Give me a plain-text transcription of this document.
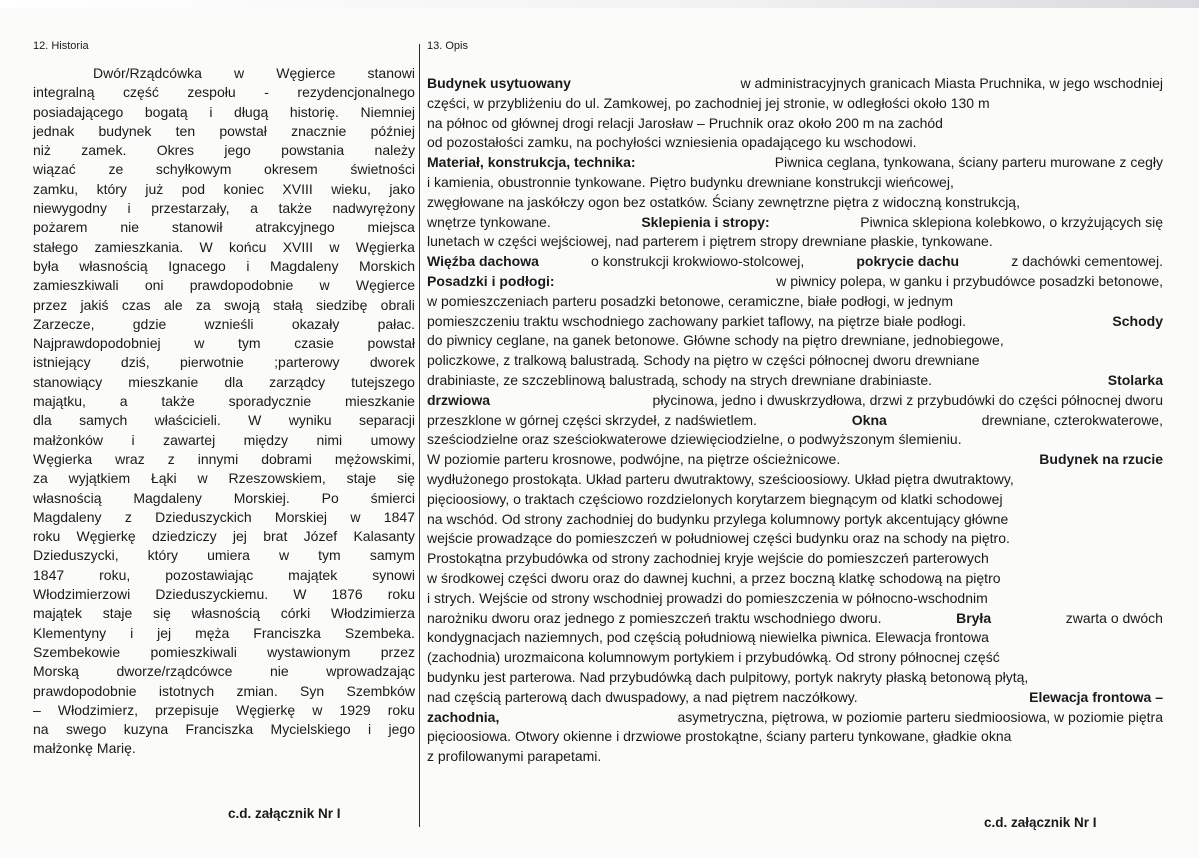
12. Historia	13. Opis
Dwór/Rządcówka w Węgierce stanowi
integralną część zespołu - rezydencjonalnego
posiadającego bogatą i długą historię. Niemniej
jednak budynek ten powstał znacznie później
niż zamek. Okres jego powstania należy
wiązać ze schyłkowym okresem świetności
zamku, który już pod koniec XVIII wieku, jako
niewygodny i przestarzały, a także nadwyrężony
pożarem nie stanowił atrakcyjnego miejsca
stałego zamieszkania. W końcu XVIII w Węgierka
była własnością Ignacego i Magdaleny Morskich
zamieszkiwali oni prawdopodobnie w Węgierce
przez jakiś czas ale za swoją stałą siedzibę obrali
Zarzecze,	gdzie	wznieśli	okazały	pałac.
Najprawdopodobniej w tym czasie powstał
istniejący dziś, pierwotnie ;parterowy dworek
stanowiący mieszkanie dla zarządcy tutejszego
majątku, a także sporadycznie mieszkanie
dla samych właścicieli. W wyniku separacji
małżonków i zawartej między nimi umowy
Węgierka wraz z innymi dobrami mężowskimi,
za wyjątkiem Łąki w Rzeszowskiem, staje się
własnością Magdaleny Morskiej. Po śmierci
Magdaleny z Dzieduszyckich Morskiej w 1847
roku Węgierkę dziedziczy jej brat Józef Kalasanty
Dzieduszycki, który umiera w tym samym
1847 roku, pozostawiając majątek synowi
Włodzimierzowi Dzieduszyckiemu. W 1876 roku
majątek staje się własnością córki Włodzimierza
Klementyny i jej męża Franciszka Szembeka.
Szembekowie pomieszkiwali wystawionym przez
Morską	dworze/rządcówce	nie	wprowadzając
prawdopodobnie istotnych zmian. Syn Szembków
– Włodzimierz, przepisuje Węgierkę w 1929 roku
na swego kuzyna Franciszka Mycielskiego i jego
małżonkę Marię.
Budynek usytuowany	w administracyjnych granicach Miasta Pruchnika, w jego wschodniej
części, w przybliżeniu do ul. Zamkowej, po zachodniej jej stronie, w odległości około 130 m
na północ od głównej drogi relacji Jarosław – Pruchnik oraz około 200 m na zachód
od pozostałości zamku, na pochyłości wzniesienia opadającego ku wschodowi.
Materiał, konstrukcja, technika:	Piwnica ceglana, tynkowana, ściany parteru murowane z cegły
i kamienia, obustronnie tynkowane. Piętro budynku drewniane konstrukcji wieńcowej,
zwęgłowane na jaskółczy ogon bez ostatków. Ściany zewnętrzne piętra z widoczną konstrukcją,
wnętrze tynkowane.	Sklepienia i stropy:	Piwnica sklepiona kolebkowo, o krzyżujących się
lunetach w części wejściowej, nad parterem i piętrem stropy drewniane płaskie, tynkowane.
Więźba dachowa	o konstrukcji krokwiowo-stolcowej,	pokrycie dachu	z dachówki cementowej.
Posadzki i podłogi:	w piwnicy polepa, w ganku i przybudówce posadzki betonowe,
w pomieszczeniach parteru posadzki betonowe, ceramiczne, białe podłogi, w jednym
pomieszczeniu traktu wschodniego zachowany parkiet taflowy, na piętrze białe podłogi.	Schody
do piwnicy ceglane, na ganek betonowe. Główne schody na piętro drewniane, jednobiegowe,
policzkowe, z tralkową balustradą. Schody na piętro w części północnej dworu drewniane
drabiniaste, ze szczeblinową balustradą, schody na strych drewniane drabiniaste.	Stolarka
drzwiowa	płycinowa, jedno i dwuskrzydłowa, drzwi z przybudówki do części północnej dworu
przeszklone w górnej części skrzydeł, z nadświetlem.	Okna	drewniane, czterokwaterowe,
sześciodzielne oraz sześciokwaterowe dziewięciodzielne, o podwyższonym ślemieniu.
W poziomie parteru krosnowe, podwójne, na piętrze ościeżnicowe.	Budynek na rzucie
wydłużonego prostokąta. Układ parteru dwutraktowy, sześcioosiowy. Układ piętra dwutraktowy,
pięcioosiowy, o traktach częściowo rozdzielonych korytarzem biegnącym od klatki schodowej
na wschód. Od strony zachodniej do budynku przylega kolumnowy portyk akcentujący główne
wejście prowadzące do pomieszczeń w południowej części budynku oraz na schody na piętro.
Prostokątna przybudówka od strony zachodniej kryje wejście do pomieszczeń parterowych
w środkowej części dworu oraz do dawnej kuchni, a przez boczną klatkę schodową na piętro
i strych. Wejście od strony wschodniej prowadzi do pomieszczenia w północno-wschodnim
narożniku dworu oraz jednego z pomieszczeń traktu wschodniego dworu.	Bryła	zwarta o dwóch
kondygnacjach naziemnych, pod częścią południową niewielka piwnica. Elewacja frontowa
(zachodnia) urozmaicona kolumnowym portykiem i przybudówką. Od strony północnej część
budynku jest parterowa. Nad przybudówką dach pulpitowy, portyk nakryty płaską betonową płytą,
nad częścią parterową dach dwuspadowy, a nad piętrem naczółkowy.	Elewacja frontowa –
zachodnia,	asymetryczna, piętrowa, w poziomie parteru siedmioosiowa, w poziomie piętra
pięcioosiowa. Otwory okienne i drzwiowe prostokątne, ściany parteru tynkowane, gładkie okna
z profilowanymi parapetami.
c.d. załącznik Nr I
c.d. załącznik Nr I
